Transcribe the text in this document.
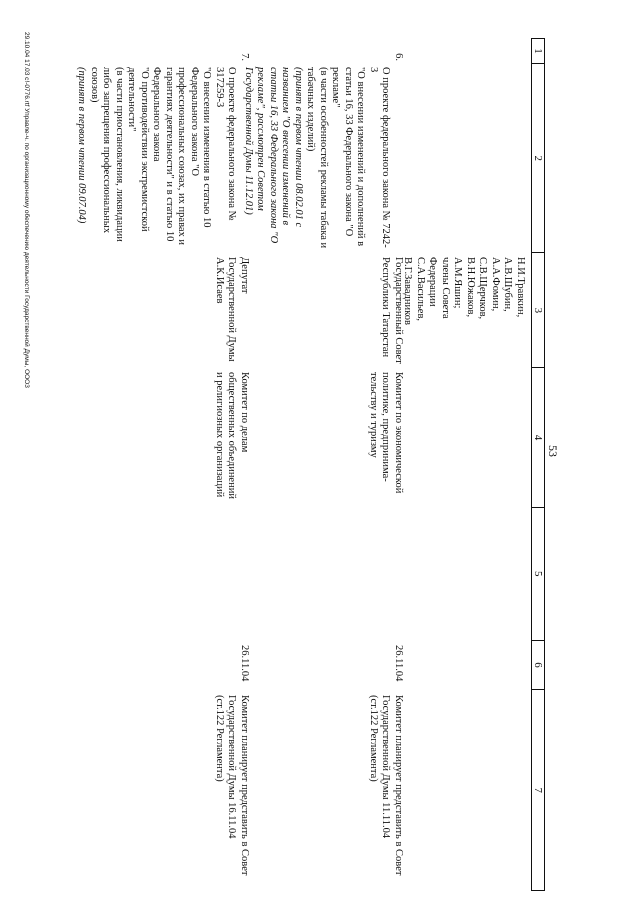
53
1
2
3
4
5
6
7

Н.И.Травкин,
А.В.Шубин,
А.А.Фомин,
С.В.Щерчков,
В.Н.Южаков,
А.М.Яшин;
члены Совета
Федерации
С.А.Васильев,
В.Г.Завадников
6.

О проекте федерального закона № 7242-3
"О внесении изменений и дополнений в статьи 16, 33 Федерального закона "О рекламе"
(в части особенностей рекламы табака и табачных изделий)
(принят в первом чтении 08.02.01 с названием "О внесении изменений в статьи 16, 33 Федерального закона "О рекламе", рассмотрен Советом Государственной Думы 11.12.01)

Государственный Совет Республики Татарстан
Комитет по экономической политике, предпринима-тельству и туризму
26.11.04
Комитет планирует представить в Совет Государственной Думы 11.11.04
(ст.122 Регламента)
7.

О проекте федерального закона № 317259-3
"О внесении изменения в статью 10 Федерального закона "О профессиональных союзах, их правах и гарантиях деятельности" и в статью 10 Федерального закона
"О противодействии экстремистской деятельности"
(в части приостановления, ликвидации либо запрещения профессиональных союзов)
(принят в первом чтении 09.07.04)

Депутат Государственной Думы
А.К.Исаев
Комитет по делам общественных объединений и религиозных организаций
26.11.04
Комитет планирует представить в Совет Государственной Думы 16.11.04
(ст.122 Регламента)
29.10.04 17.03 c!-0776.rtf Управле-ч. по организационному обеспечению деятельности Государственной Думы, OOO3
